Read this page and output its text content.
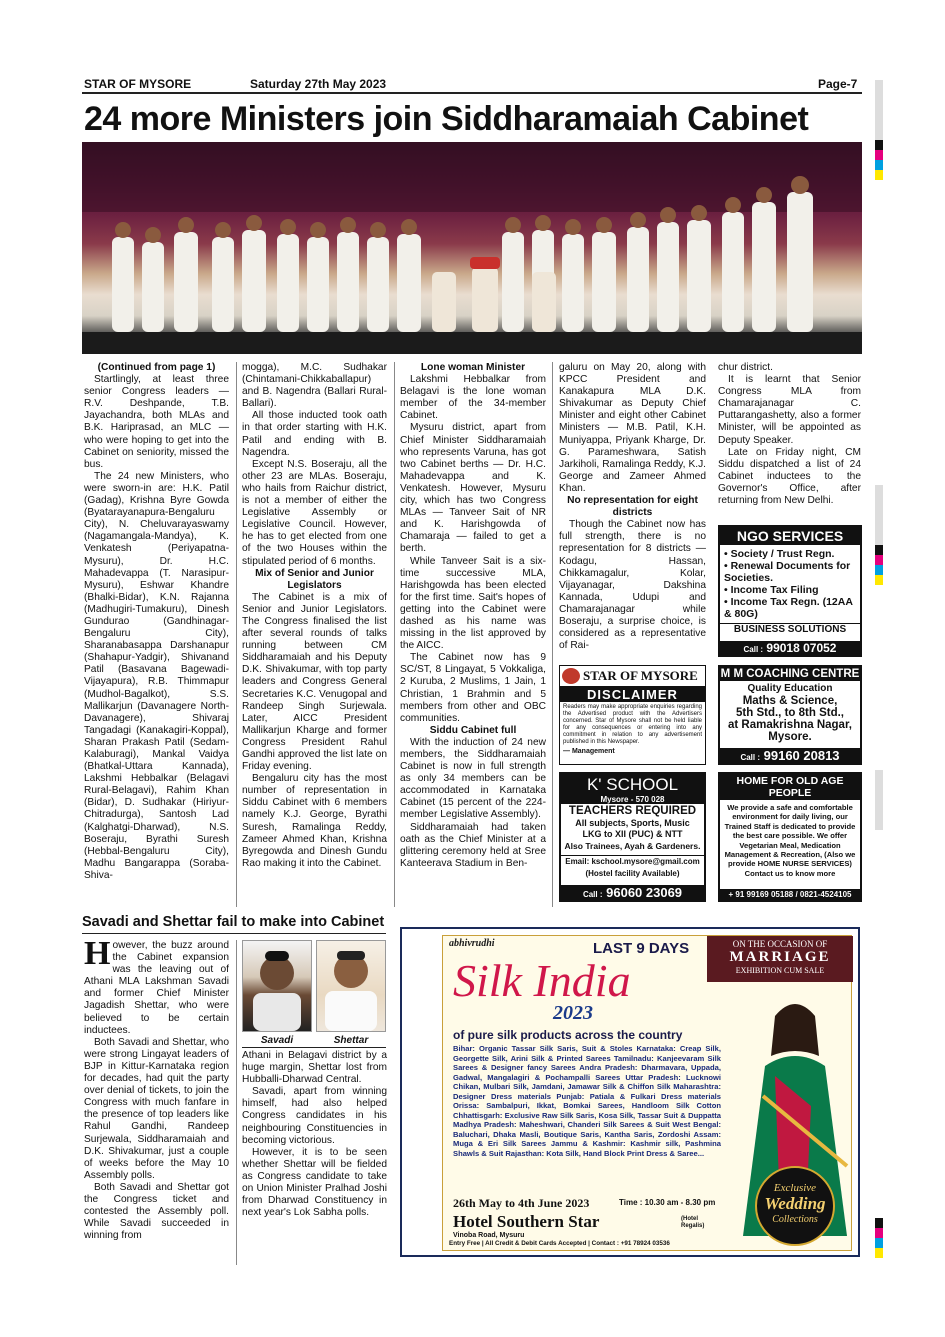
STAR OF MYSORE	Saturday 27th May 2023	Page-7
24 more Ministers join Siddharamaiah Cabinet

(Continued from page 1)

Startlingly, at least three senior Congress leaders — R.V. Deshpande, T.B. Jayachandra, both MLAs and B.K. Hariprasad, an MLC — who were hoping to get into the Cabinet on seniority, missed the bus.

The 24 new Ministers, who were sworn-in are: H.K. Patil (Gadag), Krishna Byre Gowda (Byatarayanapura-Bengaluru City), N. Cheluvarayaswamy (Nagamangala-Mandya), K. Venkatesh (Periyapatna-Mysuru), Dr. H.C. Mahadevappa (T. Narasipur-Mysuru), Eshwar Khandre (Bhalki-Bidar), K.N. Rajanna (Madhugiri-Tumakuru), Dinesh Gundurao (Gandhinagar-Bengaluru City), Sharanabasappa Darshanapur (Shahapur-Yadgir), Shivanand Patil (Basavana Bagewadi-Vijayapura), R.B. Thimmapur (Mudhol-Bagalkot), S.S. Mallikarjun (Davanagere North-Davanagere), Shivaraj Tangadagi (Kanakagiri-Koppal), Sharan Prakash Patil (Sedam-Kalaburagi), Mankal Vaidya (Bhatkal-Uttara Kannada), Lakshmi Hebbalkar (Belagavi Rural-Belagavi), Rahim Khan (Bidar), D. Sudhakar (Hiriyur-Chitradurga), Santosh Lad (Kalghatgi-Dharwad), N.S. Boseraju, Byrathi Suresh (Hebbal-Bengaluru City), Madhu Bangarappa (Soraba-Shiva-

mogga), M.C. Sudhakar (Chintamani-Chikkaballapur) and B. Nagendra (Ballari Rural-Ballari).

All those inducted took oath in that order starting with H.K. Patil and ending with B. Nagendra.

Except N.S. Boseraju, all the other 23 are MLAs. Boseraju, who hails from Raichur district, is not a member of either the Legislative Assembly or Legislative Council. However, he has to get elected from one of the two Houses within the stipulated period of 6 months.

Mix of Senior and Junior Legislators

The Cabinet is a mix of Senior and Junior Legislators. The Congress finalised the list after several rounds of talks running between CM Siddharamaiah and his Deputy D.K. Shivakumar, with top party leaders and Congress General Secretaries K.C. Venugopal and Randeep Singh Surjewala. Later, AICC President Mallikarjun Kharge and former Congress President Rahul Gandhi approved the list late on Friday evening.

Bengaluru city has the most number of representation in Siddu Cabinet with 6 members namely K.J. George, Byrathi Suresh, Ramalinga Reddy, Zameer Ahmed Khan, Krishna Byregowda and Dinesh Gundu Rao making it into the Cabinet.

Lone woman Minister

Lakshmi Hebbalkar from Belagavi is the lone woman member of the 34-member Cabinet.

Mysuru district, apart from Chief Minister Siddharamaiah who represents Varuna, has got two Cabinet berths — Dr. H.C. Mahadevappa and K. Venkatesh. However, Mysuru city, which has two Congress MLAs — Tanveer Sait of NR and K. Harishgowda of Chamaraja — failed to get a berth.

While Tanveer Sait is a six-time successive MLA, Harishgowda has been elected for the first time. Sait's hopes of getting into the Cabinet were dashed as his name was missing in the list approved by the AICC.

The Cabinet now has 9 SC/ST, 8 Lingayat, 5 Vokkaliga, 2 Kuruba, 2 Muslims, 1 Jain, 1 Christian, 1 Brahmin and 5 members from other and OBC communities.

Siddu Cabinet full

With the induction of 24 new members, the Siddharamaiah Cabinet is now in full strength as only 34 members can be accommodated in Karnataka Cabinet (15 percent of the 224-member Legislative Assembly).

Siddharamaiah had taken oath as the Chief Minister at a glittering ceremony held at Sree Kanteerava Stadium in Ben-

galuru on May 20, along with KPCC President and Kanakapura MLA D.K. Shivakumar as Deputy Chief Minister and eight other Cabinet Ministers — M.B. Patil, K.H. Muniyappa, Priyank Kharge, Dr. G. Parameshwara, Satish Jarkiholi, Ramalinga Reddy, K.J. George and Zameer Ahmed Khan.

No representation for eight districts

Though the Cabinet now has full strength, there is no representation for 8 districts — Kodagu, Hassan, Chikkamagalur, Kolar, Vijayanagar, Dakshina Kannada, Udupi and Chamarajanagar while Boseraju, a surprise choice, is considered as a representative of Rai-

chur district.

It is learnt that Senior Congress MLA from Chamarajanagar C. Puttarangashetty, also a former Minister, will be appointed as Deputy Speaker.

Late on Friday night, CM Siddu dispatched a list of 24 Cabinet inductees to the Governor's Office, after returning from New Delhi.

NGO SERVICES
• Society / Trust Regn.
• Renewal Documents for Societies.
• Income Tax Filing
• Income Tax Regn. (12AA & 80G)
BUSINESS SOLUTIONS
Call : 99018 07052
STAR OF MYSORE
DISCLAIMER
Readers may make appropriate enquiries regarding the Advertised product with the Advertisers concerned. Star of Mysore shall not be held liable for any consequences or entering into any commitment in relation to any advertisement published in this Newspaper.
— Management
M M COACHING CENTRE
Quality Education
Maths & Science,
5th Std., to 8th Std.,
at Ramakrishna Nagar,
Mysore.
Call : 99160 20813
K' SCHOOL
Mysore - 570 028
TEACHERS REQUIRED
All subjects, Sports, Music
LKG to XII (PUC) & NTT
Also Trainees, Ayah & Gardeners.
Email: kschool.mysore@gmail.com
(Hostel facility Available)
Call : 96060 23069
HOME FOR OLD AGE PEOPLE
We provide a safe and comfortable environment for daily living, our Trained Staff is dedicated to provide the best care possible. We offer Vegetarian Meal, Medication Management & Recreation, (Also we provide HOME NURSE SERVICES) Contact us to know more
+ 91 99169 05188 / 0821-4524105
Savadi and Shettar fail to make into Cabinet

However, the buzz around the Cabinet expansion was the leaving out of Athani MLA Lakshman Savadi and former Chief Minister Jagadish Shettar, who were believed to be certain inductees.

Both Savadi and Shettar, who were strong Lingayat leaders of BJP in Kittur-Karnataka region for decades, had quit the party over denial of tickets, to join the Congress with much fanfare in the presence of top leaders like Rahul Gandhi, Randeep Surjewala, Siddharamaiah and D.K. Shivakumar, just a couple of weeks before the May 10 Assembly polls.

Both Savadi and Shettar got the Congress ticket and contested the Assembly poll. While Savadi succeeded in winning from

Savadi	Shettar

Athani in Belagavi district by a huge margin, Shettar lost from Hubballi-Dharwad Central.

Savadi, apart from winning himself, had also helped Congress candidates in his neighbouring Constituencies in becoming victorious.

However, it is to be seen whether Shettar will be fielded as Congress candidate to take on Union Minister Pralhad Joshi from Dharwad Constituency in next year's Lok Sabha polls.

abhivrudhi	LAST 9 DAYS	ON THE OCCASION OF
MARRIAGE
EXHIBITION CUM SALE
Silk India
2023
of pure silk products across the country
Bihar: Organic Tassar Silk Saris, Suit & Stoles Karnataka: Creap Silk, Georgette Silk, Arini Silk & Printed Sarees Tamilnadu: Kanjeevaram Silk Sarees & Designer fancy Sarees Andra Pradesh: Dharmavara, Uppada, Gadwal, Mangalagiri & Pochampalli Sarees Uttar Pradesh: Lucknowi Chikan, Mulbari Silk, Jamdani, Jamawar Silk & Chiffon Silk Maharashtra: Designer Dress materials Punjab: Patiala & Fulkari Dress materials Orissa: Sambalpuri, Ikkat, Bomkai Sarees, Handloom Silk Cotton Chhattisgarh: Exclusive Raw Silk Saris, Kosa Silk, Tassar Suit & Duppatta Madhya Pradesh: Maheshwari, Chanderi Silk Sarees & Suit West Bengal: Baluchari, Dhaka Masli, Boutique Saris, Kantha Saris, Zordoshi Assam: Muga & Eri Silk Sarees Jammu & Kashmir: Kashmir silk, Pashmina Shawls & Suit Rajasthan: Kota Silk, Hand Block Print Dress & Saree...
26th May to 4th June 2023	Time : 10.30 am - 8.30 pm
Hotel Southern Star	(Hotel Regalis)
Vinoba Road, Mysuru
Entry Free | All Credit & Debit Cards Accepted | Contact : +91 78924 03536
Exclusive
Wedding
Collections
